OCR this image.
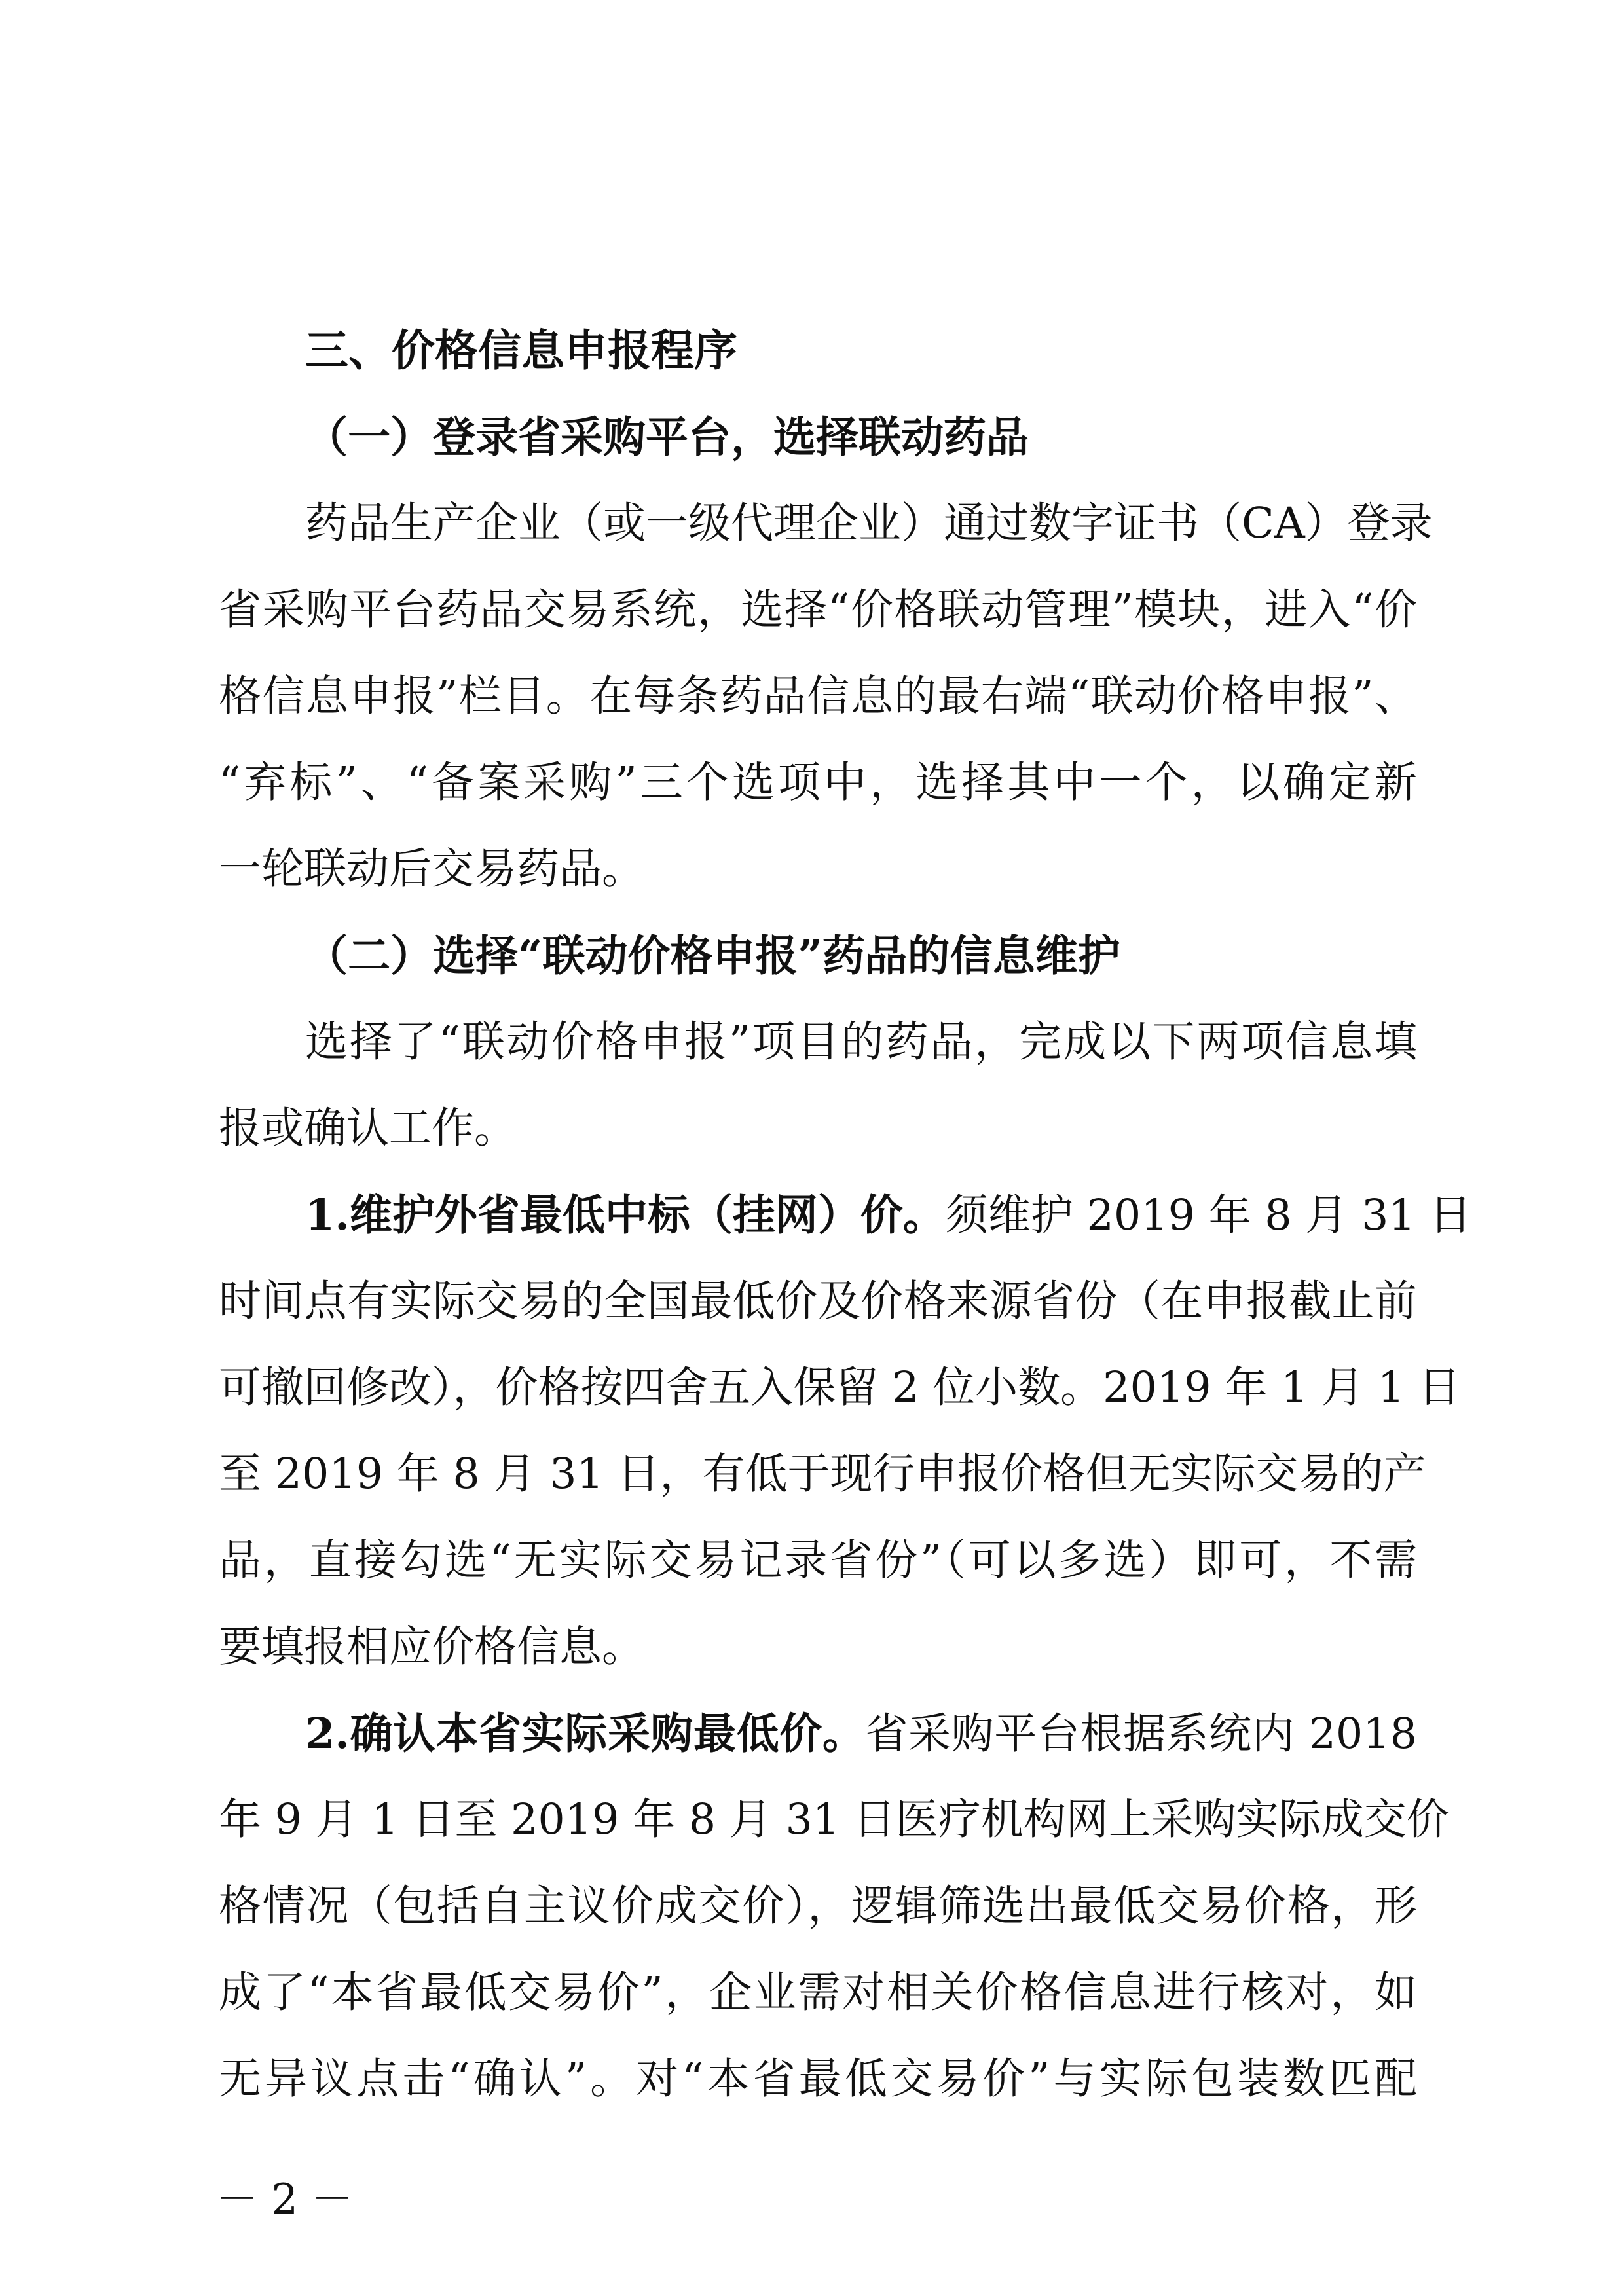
三、价格信息申报程序
（一）登录省采购平台，选择联动药品
药品生产企业（或一级代理企业）通过数字证书（CA）登录
省采购平台药品交易系统，选择“价格联动管理”模块，进入“价
格信息申报”栏目。在每条药品信息的最右端“联动价格申报”、
“弃标”、“备案采购”三个选项中，选择其中一个，以确定新
一轮联动后交易药品。
（二）选择“联动价格申报”药品的信息维护
选择了“联动价格申报”项目的药品，完成以下两项信息填
报或确认工作。
1.维护外省最低中标（挂网）价。须维护 2019 年 8 月 31 日
时间点有实际交易的全国最低价及价格来源省份（在申报截止前
可撤回修改），价格按四舍五入保留 2 位小数。2019 年 1 月 1 日
至 2019 年 8 月 31 日，有低于现行申报价格但无实际交易的产
品，直接勾选“无实际交易记录省份”（可以多选）即可，不需
要填报相应价格信息。
2.确认本省实际采购最低价。省采购平台根据系统内 2018
年 9 月 1 日至 2019 年 8 月 31 日医疗机构网上采购实际成交价
格情况（包括自主议价成交价），逻辑筛选出最低交易价格，形
成了“本省最低交易价”，企业需对相关价格信息进行核对，如
无异议点击“确认”。对“本省最低交易价”与实际包装数匹配
－ 2 －
